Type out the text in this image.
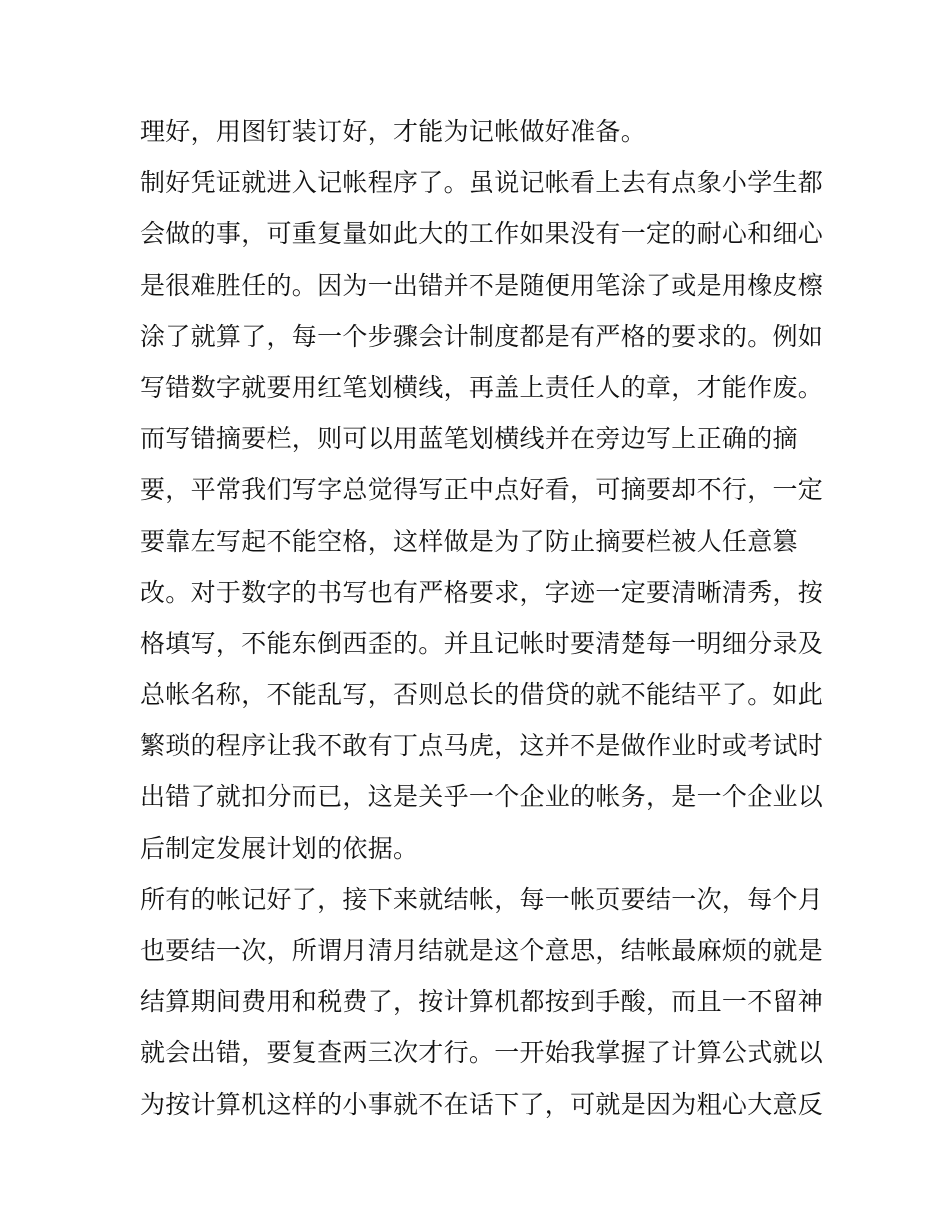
理好，用图钉装订好，才能为记帐做好准备。
制好凭证就进入记帐程序了。虽说记帐看上去有点象小学生都
会做的事，可重复量如此大的工作如果没有一定的耐心和细心
是很难胜任的。因为一出错并不是随便用笔涂了或是用橡皮檫
涂了就算了，每一个步骤会计制度都是有严格的要求的。例如
写错数字就要用红笔划横线，再盖上责任人的章，才能作废。
而写错摘要栏，则可以用蓝笔划横线并在旁边写上正确的摘
要，平常我们写字总觉得写正中点好看，可摘要却不行，一定
要靠左写起不能空格，这样做是为了防止摘要栏被人任意篡
改。对于数字的书写也有严格要求，字迹一定要清晰清秀，按
格填写，不能东倒西歪的。并且记帐时要清楚每一明细分录及
总帐名称，不能乱写，否则总长的借贷的就不能结平了。如此
繁琐的程序让我不敢有丁点马虎，这并不是做作业时或考试时
出错了就扣分而已，这是关乎一个企业的帐务，是一个企业以
后制定发展计划的依据。
所有的帐记好了，接下来就结帐，每一帐页要结一次，每个月
也要结一次，所谓月清月结就是这个意思，结帐最麻烦的就是
结算期间费用和税费了，按计算机都按到手酸，而且一不留神
就会出错，要复查两三次才行。一开始我掌握了计算公式就以
为按计算机这样的小事就不在话下了，可就是因为粗心大意反
